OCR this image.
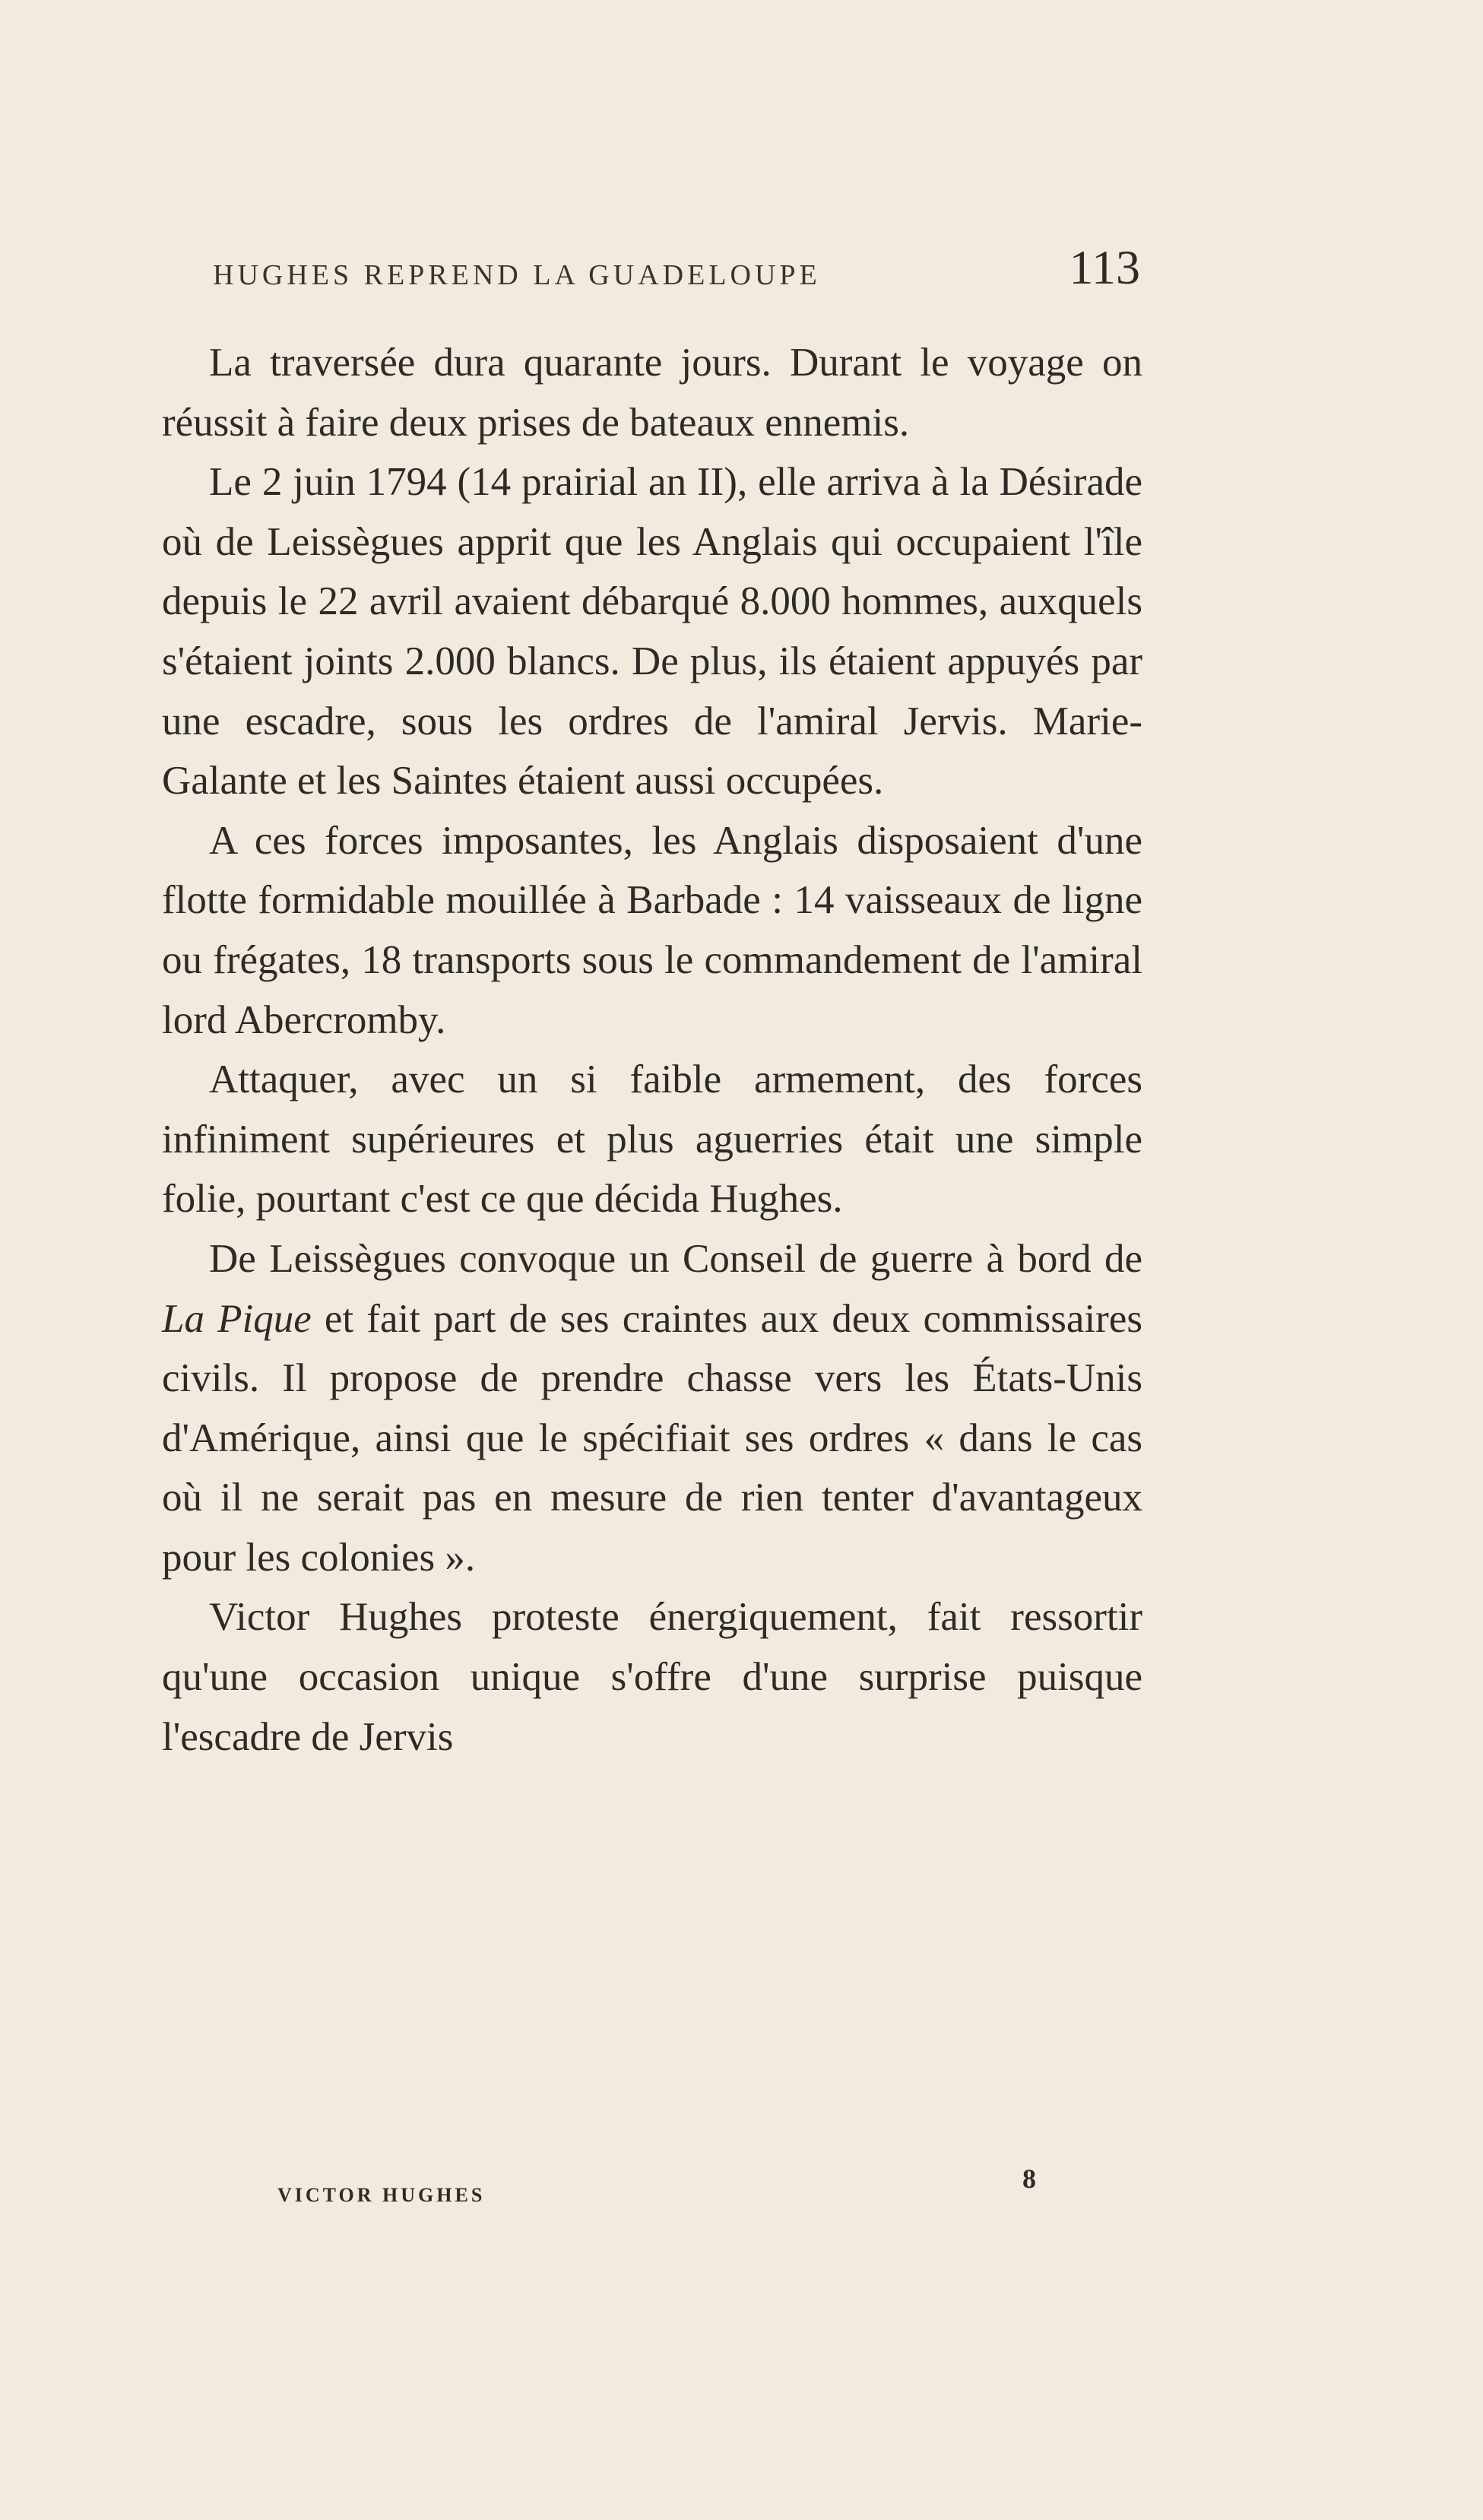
HUGHES REPREND LA GUADELOUPE	113

La traversée dura quarante jours. Durant le voyage on réussit à faire deux prises de bateaux ennemis.

Le 2 juin 1794 (14 prairial an II), elle arriva à la Désirade où de Leissègues apprit que les Anglais qui occupaient l'île depuis le 22 avril avaient débarqué 8.000 hommes, auxquels s'étaient joints 2.000 blancs. De plus, ils étaient appuyés par une escadre, sous les ordres de l'amiral Jervis. Marie-Galante et les Saintes étaient aussi occupées.

A ces forces imposantes, les Anglais disposaient d'une flotte formidable mouillée à Barbade : 14 vaisseaux de ligne ou frégates, 18 transports sous le commandement de l'amiral lord Abercromby.

Attaquer, avec un si faible armement, des forces infiniment supérieures et plus aguerries était une simple folie, pourtant c'est ce que décida Hughes.

De Leissègues convoque un Conseil de guerre à bord de La Pique et fait part de ses craintes aux deux commissaires civils. Il propose de prendre chasse vers les États-Unis d'Amérique, ainsi que le spécifiait ses ordres « dans le cas où il ne serait pas en mesure de rien tenter d'avantageux pour les colonies ».

Victor Hughes proteste énergiquement, fait ressortir qu'une occasion unique s'offre d'une surprise puisque l'escadre de Jervis

VICTOR HUGHES
8
